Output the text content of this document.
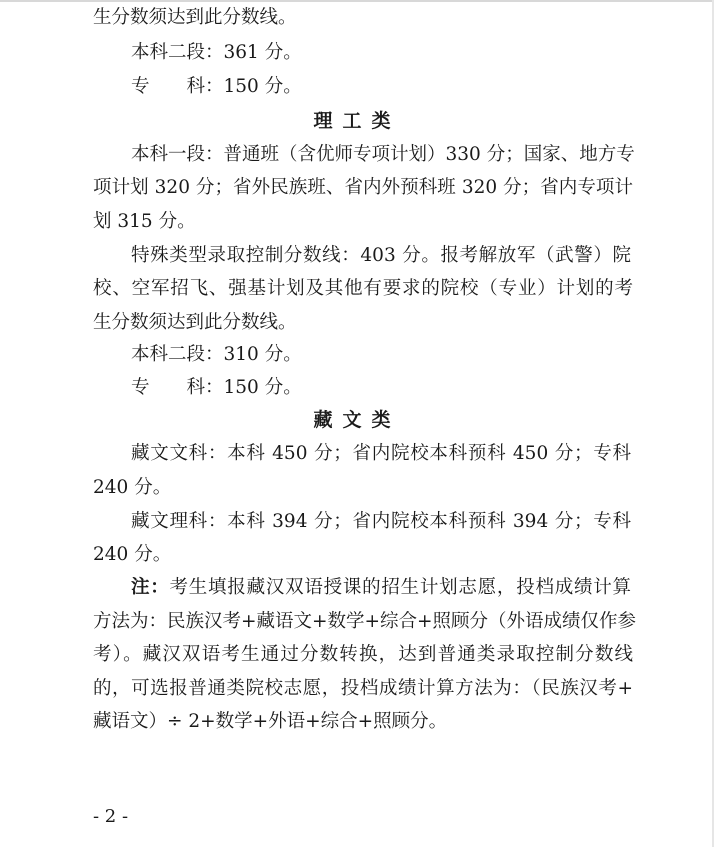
生分数须达到此分数线。
本科二段：361 分。
专　　科：150 分。
理工类
本科一段：普通班（含优师专项计划）330 分；国家、地方专
项计划 320 分；省外民族班、省内外预科班 320 分；省内专项计
划 315 分。
特殊类型录取控制分数线：403 分。报考解放军（武警）院
校、空军招飞、强基计划及其他有要求的院校（专业）计划的考
生分数须达到此分数线。
本科二段：310 分。
专　　科：150 分。
藏文类
藏文文科：本科 450 分；省内院校本科预科 450 分；专科
240 分。
藏文理科：本科 394 分；省内院校本科预科 394 分；专科
240 分。
注：考生填报藏汉双语授课的招生计划志愿，投档成绩计算
方法为：民族汉考+藏语文+数学+综合+照顾分（外语成绩仅作参
考）。藏汉双语考生通过分数转换，达到普通类录取控制分数线
的，可选报普通类院校志愿，投档成绩计算方法为：（民族汉考+
藏语文）÷ 2+数学+外语+综合+照顾分。
- 2 -
